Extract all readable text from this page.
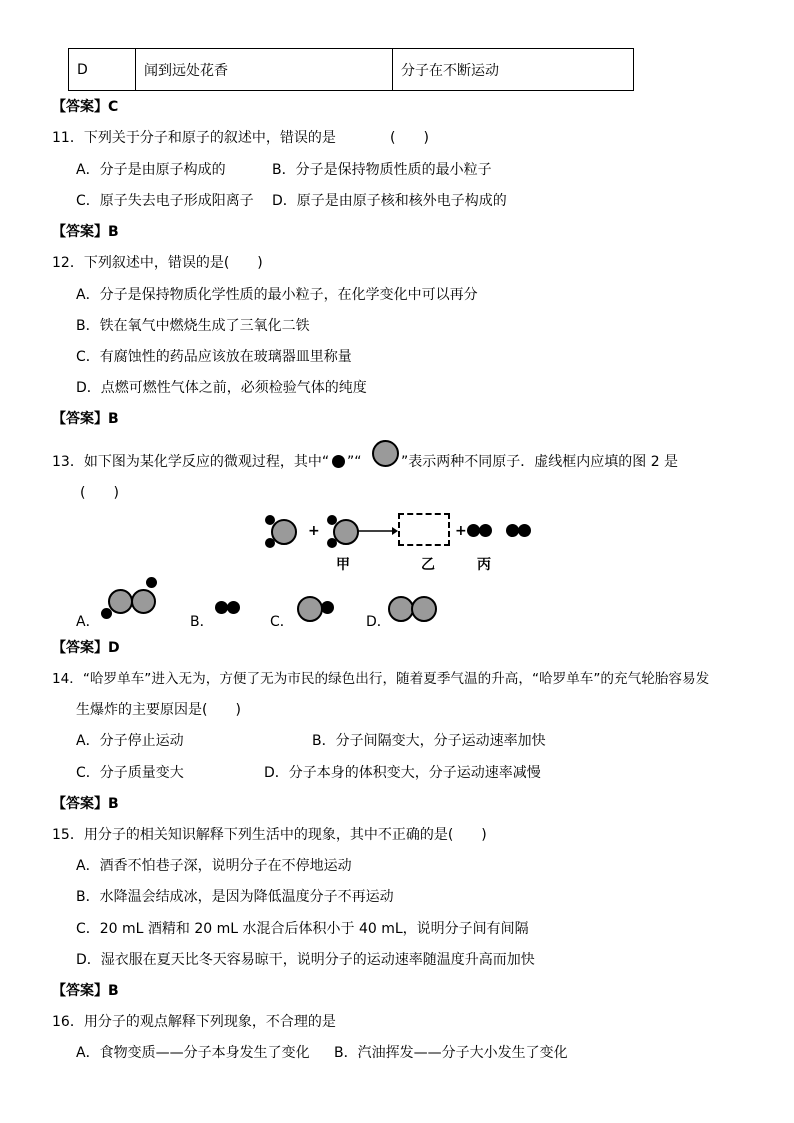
D	闻到远处花香	分子在不断运动
【答案】C
11．下列关于分子和原子的叙述中，错误的是	(　　)
A．分子是由原子构成的	B．分子是保持物质性质的最小粒子
C．原子失去电子形成阳离子 D．原子是由原子核和核外电子构成的
【答案】B
12．下列叙述中，错误的是(　　)
A．分子是保持物质化学性质的最小粒子，在化学变化中可以再分
B．铁在氧气中燃烧生成了三氧化二铁
C．有腐蚀性的药品应该放在玻璃器皿里称量
D．点燃可燃性气体之前，必须检验气体的纯度
【答案】B
13．如下图为某化学反应的微观过程，其中“ ”“	”表示两种不同原子．虚线框内应填的图 2 是
(　　)
+	+
甲	乙	丙
A．	B．	C．	D．
【答案】D
14．“哈罗单车”进入无为，方便了无为市民的绿色出行，随着夏季气温的升高，“哈罗单车”的充气轮胎容易发
生爆炸的主要原因是(　　)
A．分子停止运动	B．分子间隔变大，分子运动速率加快
C．分子质量变大	D．分子本身的体积变大，分子运动速率减慢
【答案】B
15．用分子的相关知识解释下列生活中的现象，其中不正确的是(　　)
A．酒香不怕巷子深，说明分子在不停地运动
B．水降温会结成冰，是因为降低温度分子不再运动
C．20 mL 酒精和 20 mL 水混合后体积小于 40 mL，说明分子间有间隔
D．湿衣服在夏天比冬天容易晾干，说明分子的运动速率随温度升高而加快
【答案】B
16．用分子的观点解释下列现象，不合理的是
A．食物变质——分子本身发生了变化 B．汽油挥发——分子大小发生了变化
